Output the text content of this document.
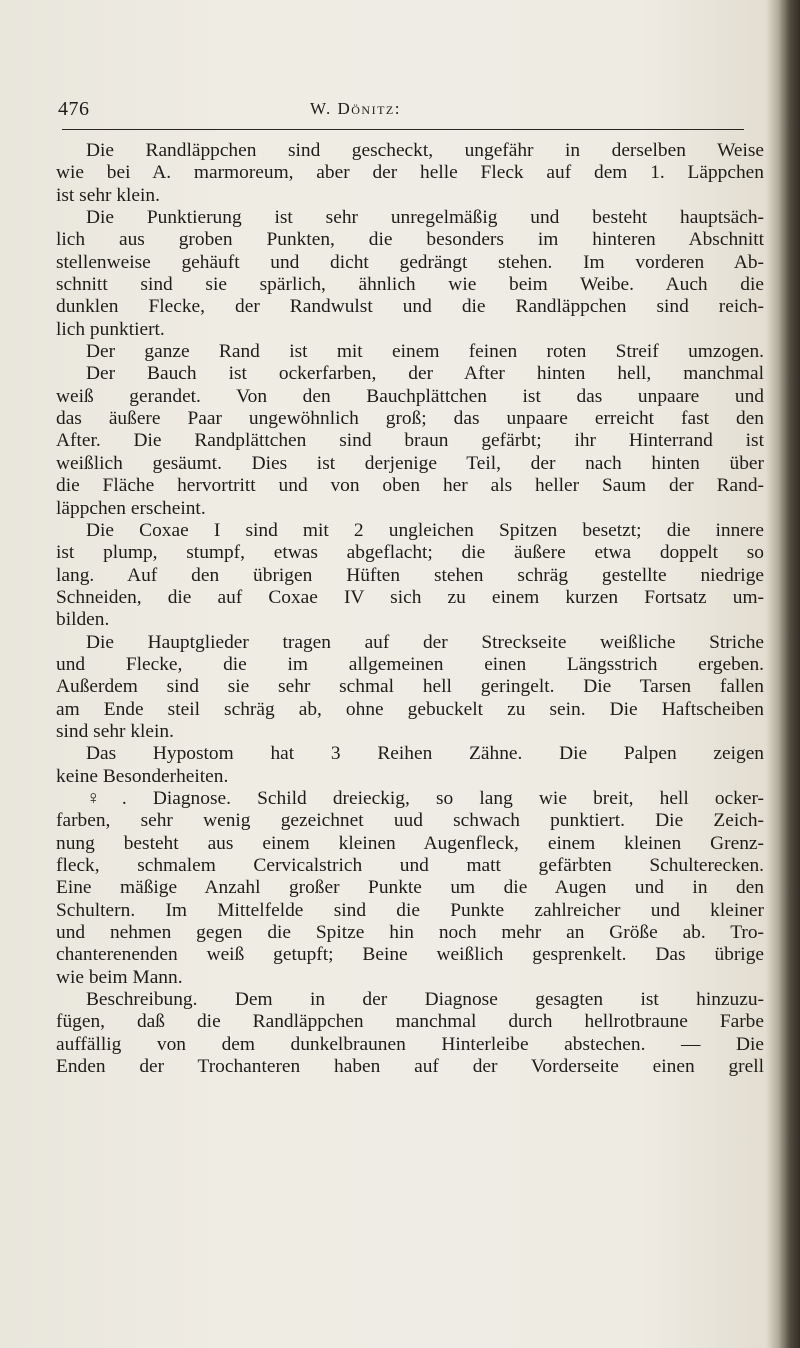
476	W. Dönitz:
Die Randläppchen sind gescheckt, ungefähr in derselben Weise
wie bei A. marmoreum, aber der helle Fleck auf dem 1. Läppchen
ist sehr klein.
Die Punktierung ist sehr unregelmäßig und besteht hauptsäch-
lich aus groben Punkten, die besonders im hinteren Abschnitt
stellenweise gehäuft und dicht gedrängt stehen. Im vorderen Ab-
schnitt sind sie spärlich, ähnlich wie beim Weibe. Auch die
dunklen Flecke, der Randwulst und die Randläppchen sind reich-
lich punktiert.
Der ganze Rand ist mit einem feinen roten Streif umzogen.
Der Bauch ist ockerfarben, der After hinten hell, manchmal
weiß gerandet. Von den Bauchplättchen ist das unpaare und
das äußere Paar ungewöhnlich groß; das unpaare erreicht fast den
After. Die Randplättchen sind braun gefärbt; ihr Hinterrand ist
weißlich gesäumt. Dies ist derjenige Teil, der nach hinten über
die Fläche hervortritt und von oben her als heller Saum der Rand-
läppchen erscheint.
Die Coxae I sind mit 2 ungleichen Spitzen besetzt; die innere
ist plump, stumpf, etwas abgeflacht; die äußere etwa doppelt so
lang. Auf den übrigen Hüften stehen schräg gestellte niedrige
Schneiden, die auf Coxae IV sich zu einem kurzen Fortsatz um-
bilden.
Die Hauptglieder tragen auf der Streckseite weißliche Striche
und Flecke, die im allgemeinen einen Längsstrich ergeben.
Außerdem sind sie sehr schmal hell geringelt. Die Tarsen fallen
am Ende steil schräg ab, ohne gebuckelt zu sein. Die Haftscheiben
sind sehr klein.
Das Hypostom hat 3 Reihen Zähne. Die Palpen zeigen
keine Besonderheiten.
♀. Diagnose. Schild dreieckig, so lang wie breit, hell ocker-
farben, sehr wenig gezeichnet uud schwach punktiert. Die Zeich-
nung besteht aus einem kleinen Augenfleck, einem kleinen Grenz-
fleck, schmalem Cervicalstrich und matt gefärbten Schulterecken.
Eine mäßige Anzahl großer Punkte um die Augen und in den
Schultern. Im Mittelfelde sind die Punkte zahlreicher und kleiner
und nehmen gegen die Spitze hin noch mehr an Größe ab. Tro-
chanterenenden weiß getupft; Beine weißlich gesprenkelt. Das übrige
wie beim Mann.
Beschreibung. Dem in der Diagnose gesagten ist hinzuzu-
fügen, daß die Randläppchen manchmal durch hellrotbraune Farbe
auffällig von dem dunkelbraunen Hinterleibe abstechen. — Die
Enden der Trochanteren haben auf der Vorderseite einen grell
